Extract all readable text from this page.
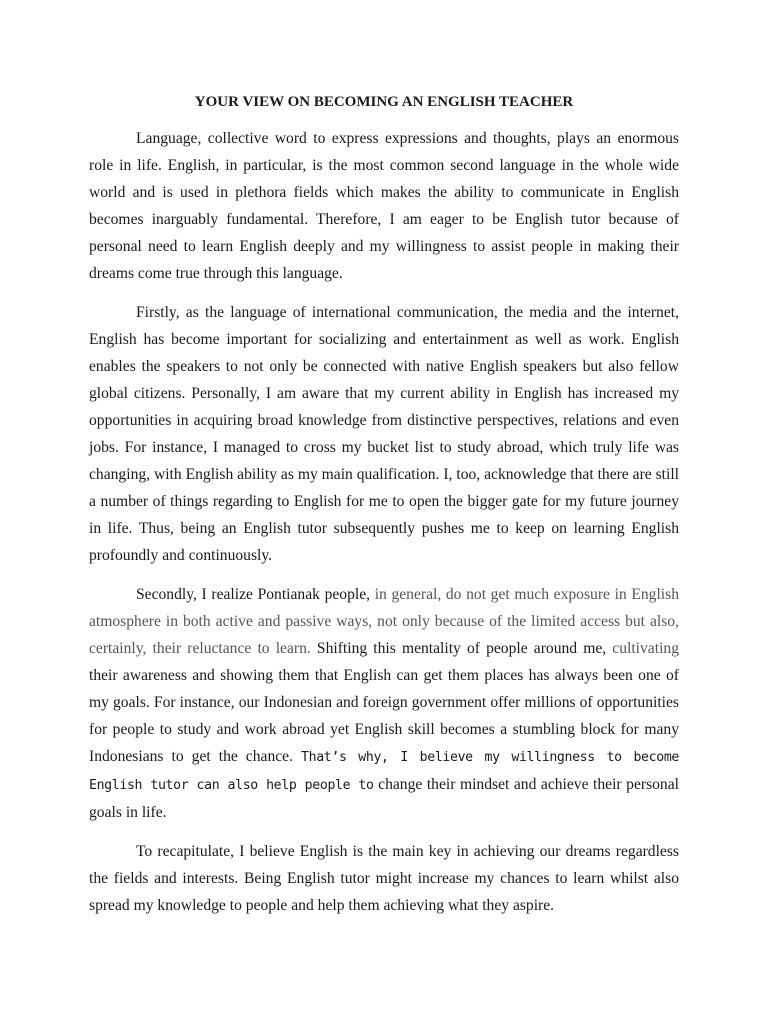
YOUR VIEW ON BECOMING AN ENGLISH TEACHER

Language, collective word to express expressions and thoughts, plays an enormous role in life. English, in particular, is the most common second language in the whole wide world and is used in plethora fields which makes the ability to communicate in English becomes inarguably fundamental. Therefore, I am eager to be English tutor because of personal need to learn English deeply and my willingness to assist people in making their dreams come true through this language.

Firstly, as the language of international communication, the media and the internet, English has become important for socializing and entertainment as well as work. English enables the speakers to not only be connected with native English speakers but also fellow global citizens. Personally, I am aware that my current ability in English has increased my opportunities in acquiring broad knowledge from distinctive perspectives, relations and even jobs. For instance, I managed to cross my bucket list to study abroad, which truly life was changing, with English ability as my main qualification. I, too, acknowledge that there are still a number of things regarding to English for me to open the bigger gate for my future journey in life. Thus, being an English tutor subsequently pushes me to keep on learning English profoundly and continuously.

Secondly, I realize Pontianak people, in general, do not get much exposure in English atmosphere in both active and passive ways, not only because of the limited access but also, certainly, their reluctance to learn. Shifting this mentality of people around me, cultivating their awareness and showing them that English can get them places has always been one of my goals. For instance, our Indonesian and foreign government offer millions of opportunities for people to study and work abroad yet English skill becomes a stumbling block for many Indonesians to get the chance. That’s why, I believe my willingness to become English tutor can also help people to change their mindset and achieve their personal goals in life.

To recapitulate, I believe English is the main key in achieving our dreams regardless the fields and interests. Being English tutor might increase my chances to learn whilst also spread my knowledge to people and help them achieving what they aspire.
